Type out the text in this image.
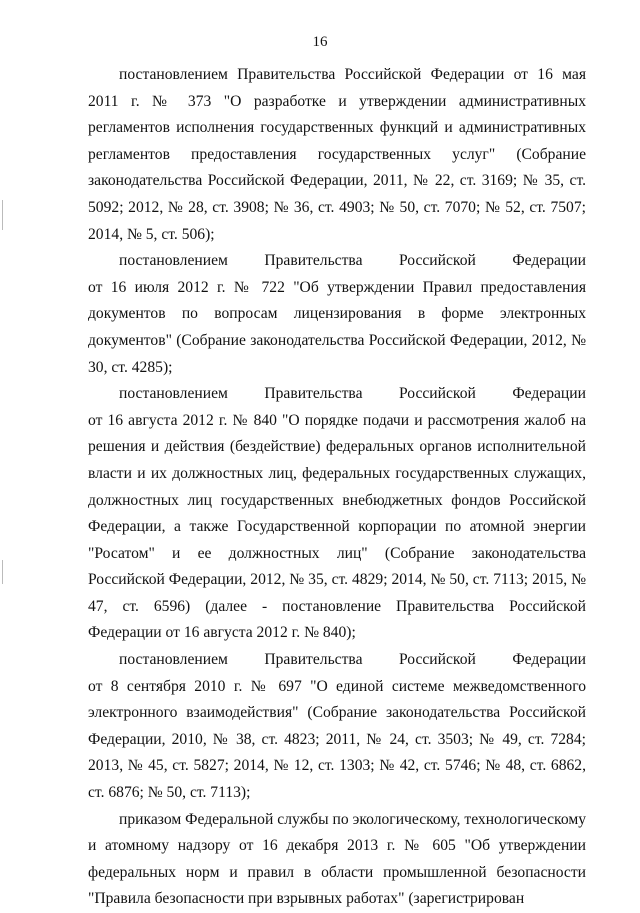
16

постановлением Правительства Российской Федерации от 16 мая 2011 г. № 373 "О разработке и утверждении административных регламентов исполнения государственных функций и административных регламентов предоставления государственных услуг" (Собрание законодательства Российской Федерации, 2011, № 22, ст. 3169; № 35, ст. 5092; 2012, № 28, ст. 3908; № 36, ст. 4903; № 50, ст. 7070; № 52, ст. 7507; 2014, № 5, ст. 506);

постановлением Правительства Российской Федерации

от 16 июля 2012 г. № 722 "Об утверждении Правил предоставления документов по вопросам лицензирования в форме электронных документов" (Собрание законодательства Российской Федерации, 2012, № 30, ст. 4285);

постановлением Правительства Российской Федерации

от 16 августа 2012 г. № 840 "О порядке подачи и рассмотрения жалоб на решения и действия (бездействие) федеральных органов исполнительной власти и их должностных лиц, федеральных государственных служащих, должностных лиц государственных внебюджетных фондов Российской Федерации, а также Государственной корпорации по атомной энергии "Росатом" и ее должностных лиц" (Собрание законодательства Российской Федерации, 2012, № 35, ст. 4829; 2014, № 50, ст. 7113; 2015, № 47, ст. 6596) (далее - постановление Правительства Российской Федерации от 16 августа 2012 г. № 840);

постановлением Правительства Российской Федерации

от 8 сентября 2010 г. № 697 "О единой системе межведомственного электронного взаимодействия" (Собрание законодательства Российской Федерации, 2010, № 38, ст. 4823; 2011, № 24, ст. 3503; № 49, ст. 7284; 2013, № 45, ст. 5827; 2014, № 12, ст. 1303; № 42, ст. 5746; № 48, ст. 6862, ст. 6876; № 50, ст. 7113);

приказом Федеральной службы по экологическому, технологическому и атомному надзору от 16 декабря 2013 г. № 605 "Об утверждении федеральных норм и правил в области промышленной безопасности "Правила безопасности при взрывных работах" (зарегистрирован
